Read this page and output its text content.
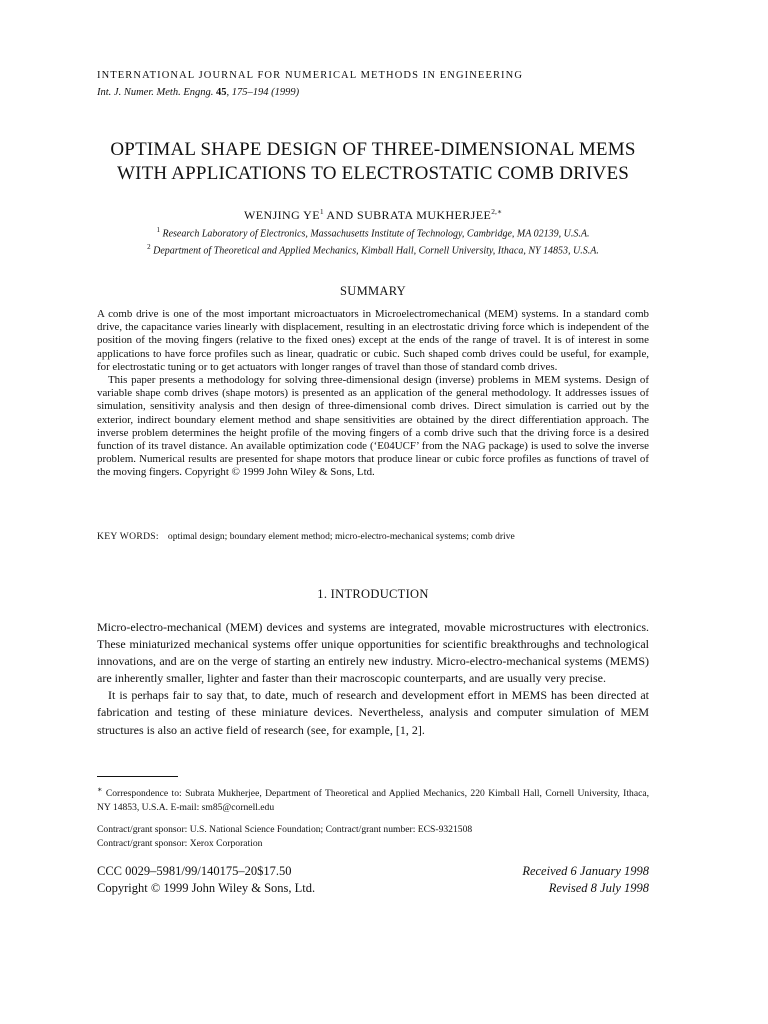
INTERNATIONAL JOURNAL FOR NUMERICAL METHODS IN ENGINEERING
Int. J. Numer. Meth. Engng. 45, 175–194 (1999)
OPTIMAL SHAPE DESIGN OF THREE-DIMENSIONAL MEMS
WITH APPLICATIONS TO ELECTROSTATIC COMB DRIVES
WENJING $YE^1$ AND SUBRATA $MUKHERJEE^{2,∗}$
$^1$ Research Laboratory of Electronics, Massachusetts Institute of Technology, Cambridge, MA 02139, U.S.A.
$^2$ Department of Theoretical and Applied Mechanics, Kimball Hall, Cornell University, Ithaca, NY 14853, U.S.A.
SUMMARY

A comb drive is one of the most important microactuators in Microelectromechanical (MEM) systems. In a standard comb drive, the capacitance varies linearly with displacement, resulting in an electrostatic driving force which is independent of the position of the moving fingers (relative to the fixed ones) except at the ends of the range of travel. It is of interest in some applications to have force profiles such as linear, quadratic or cubic. Such shaped comb drives could be useful, for example, for electrostatic tuning or to get actuators with longer ranges of travel than those of standard comb drives.

This paper presents a methodology for solving three-dimensional design (inverse) problems in MEM systems. Design of variable shape comb drives (shape motors) is presented as an application of the general methodology. It addresses issues of simulation, sensitivity analysis and then design of three-dimensional comb drives. Direct simulation is carried out by the exterior, indirect boundary element method and shape sensitivities are obtained by the direct differentiation approach. The inverse problem determines the height profile of the moving fingers of a comb drive such that the driving force is a desired function of its travel distance. An available optimization code (‘E04UCF’ from the NAG package) is used to solve the inverse problem. Numerical results are presented for shape motors that produce linear or cubic force profiles as functions of travel of the moving fingers. Copyright © 1999 John Wiley & Sons, Ltd.

KEY WORDS: optimal design; boundary element method; micro-electro-mechanical systems; comb drive
1. INTRODUCTION

Micro-electro-mechanical (MEM) devices and systems are integrated, movable microstructures with electronics. These miniaturized mechanical systems offer unique opportunities for scientific breakthroughs and technological innovations, and are on the verge of starting an entirely new industry. Micro-electro-mechanical systems (MEMS) are inherently smaller, lighter and faster than their macroscopic counterparts, and are usually very precise.

It is perhaps fair to say that, to date, much of research and development effort in MEMS has been directed at fabrication and testing of these miniature devices. Nevertheless, analysis and computer simulation of MEM structures is also an active field of research (see, for example, [1, 2].

∗ Correspondence to: Subrata Mukherjee, Department of Theoretical and Applied Mechanics, 220 Kimball Hall, Cornell University, Ithaca, NY 14853, U.S.A. E-mail: sm85@cornell.edu
Contract/grant sponsor: U.S. National Science Foundation; Contract/grant number: ECS-9321508
Contract/grant sponsor: Xerox Corporation
CCC 0029–5981/99/140175–20$17.50
Copyright © 1999 John Wiley & Sons, Ltd.
Received 6 January 1998
Revised 8 July 1998
